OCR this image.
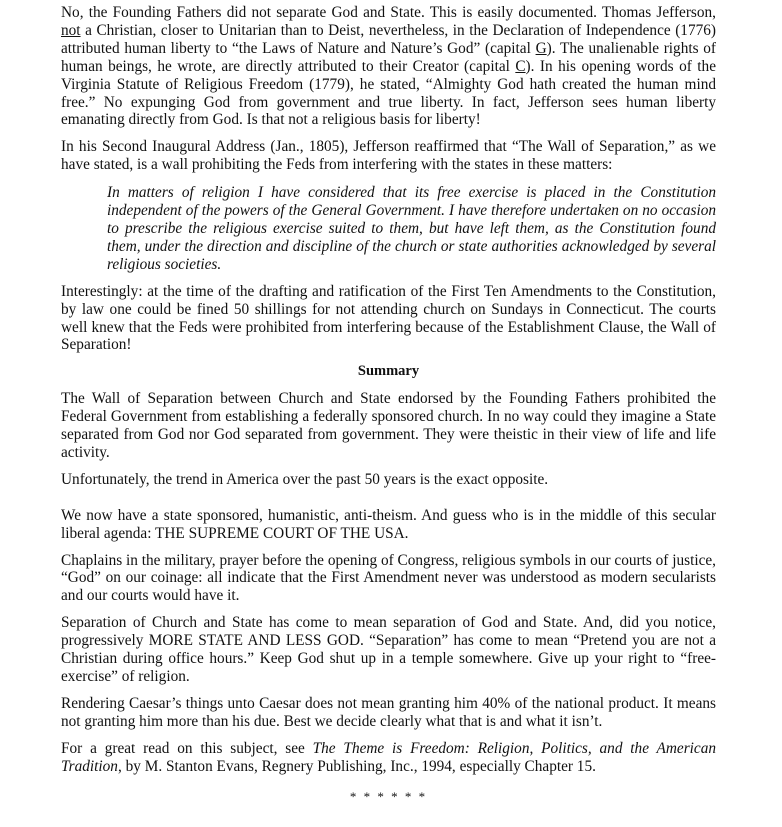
No, the Founding Fathers did not separate God and State. This is easily documented. Thomas Jefferson, not a Christian, closer to Unitarian than to Deist, nevertheless, in the Declaration of Independence (1776) attributed human liberty to “the Laws of Nature and Nature’s God” (capital G). The unalienable rights of human beings, he wrote, are directly attributed to their Creator (capital C). In his opening words of the Virginia Statute of Religious Freedom (1779), he stated, “Almighty God hath created the human mind free.” No expunging God from government and true liberty. In fact, Jefferson sees human liberty emanating directly from God. Is that not a religious basis for liberty!

In his Second Inaugural Address (Jan., 1805), Jefferson reaffirmed that “The Wall of Separation,” as we have stated, is a wall prohibiting the Feds from interfering with the states in these matters:

In matters of religion I have considered that its free exercise is placed in the Constitution independent of the powers of the General Government. I have therefore undertaken on no occasion to prescribe the religious exercise suited to them, but have left them, as the Constitution found them, under the direction and discipline of the church or state authorities acknowledged by several religious societies.

Interestingly: at the time of the drafting and ratification of the First Ten Amendments to the Constitution, by law one could be fined 50 shillings for not attending church on Sundays in Connecticut. The courts well knew that the Feds were prohibited from interfering because of the Establishment Clause, the Wall of Separation!

Summary

The Wall of Separation between Church and State endorsed by the Founding Fathers prohibited the Federal Government from establishing a federally sponsored church. In no way could they imagine a State separated from God nor God separated from government. They were theistic in their view of life and life activity.

Unfortunately, the trend in America over the past 50 years is the exact opposite.

We now have a state sponsored, humanistic, anti-theism. And guess who is in the middle of this secular liberal agenda: THE SUPREME COURT OF THE USA.

Chaplains in the military, prayer before the opening of Congress, religious symbols in our courts of justice, “God” on our coinage: all indicate that the First Amendment never was understood as modern secularists and our courts would have it.

Separation of Church and State has come to mean separation of God and State. And, did you notice, progressively MORE STATE AND LESS GOD. “Separation” has come to mean “Pretend you are not a Christian during office hours.” Keep God shut up in a temple somewhere. Give up your right to “free-exercise” of religion.

Rendering Caesar’s things unto Caesar does not mean granting him 40% of the national product. It means not granting him more than his due. Best we decide clearly what that is and what it isn’t.

For a great read on this subject, see The Theme is Freedom: Religion, Politics, and the American Tradition, by M. Stanton Evans, Regnery Publishing, Inc., 1994, especially Chapter 15.

* * * * * *
